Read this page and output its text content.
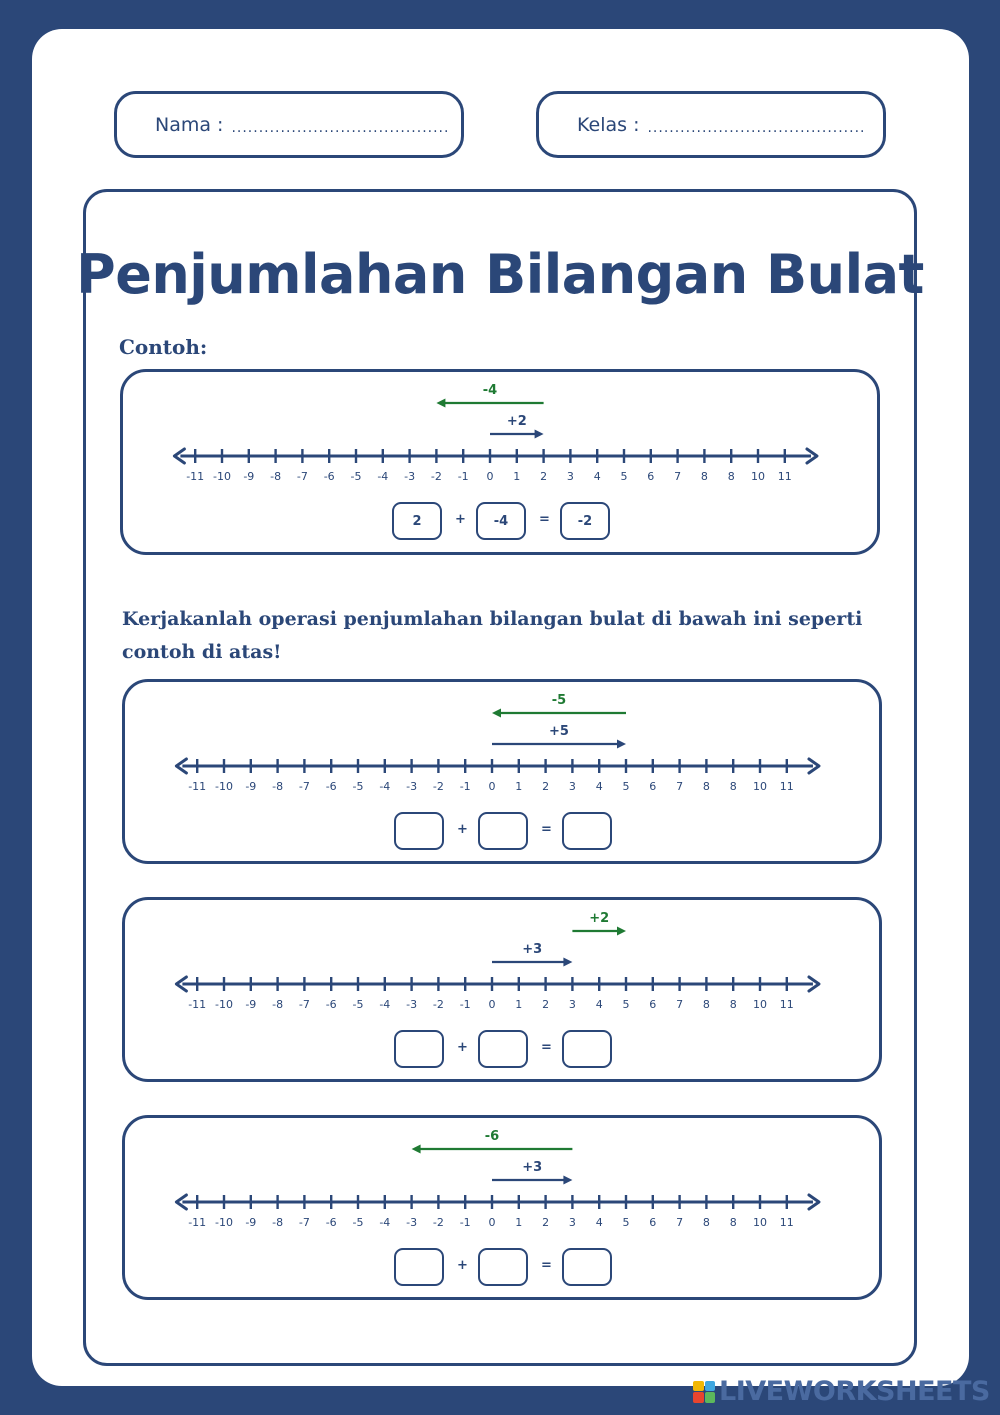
Nama : ........................................	Kelas : ........................................
Penjumlahan Bilangan Bulat
Contoh:
Kerjakanlah operasi penjumlahan bilangan bulat di bawah ini seperti contoh di atas!
-11 -10 -9 -8 -7 -6 -5 -4 -3 -2 -1 0 1 2 3 4 5 6 7 8 8 10 11
-4
+2
2	-4	-2
+	=
-11 -10 -9 -8 -7 -6 -5 -4 -3 -2 -1 0 1 2 3 4 5 6 7 8 8 10 11
-5
+5
+	=
-11 -10 -9 -8 -7 -6 -5 -4 -3 -2 -1 0 1 2 3 4 5 6 7 8 8 10 11
+2
+3
+	=
-11 -10 -9 -8 -7 -6 -5 -4 -3 -2 -1 0 1 2 3 4 5 6 7 8 8 10 11
-6
+3
+	=
LIVEWORKSHEETS
